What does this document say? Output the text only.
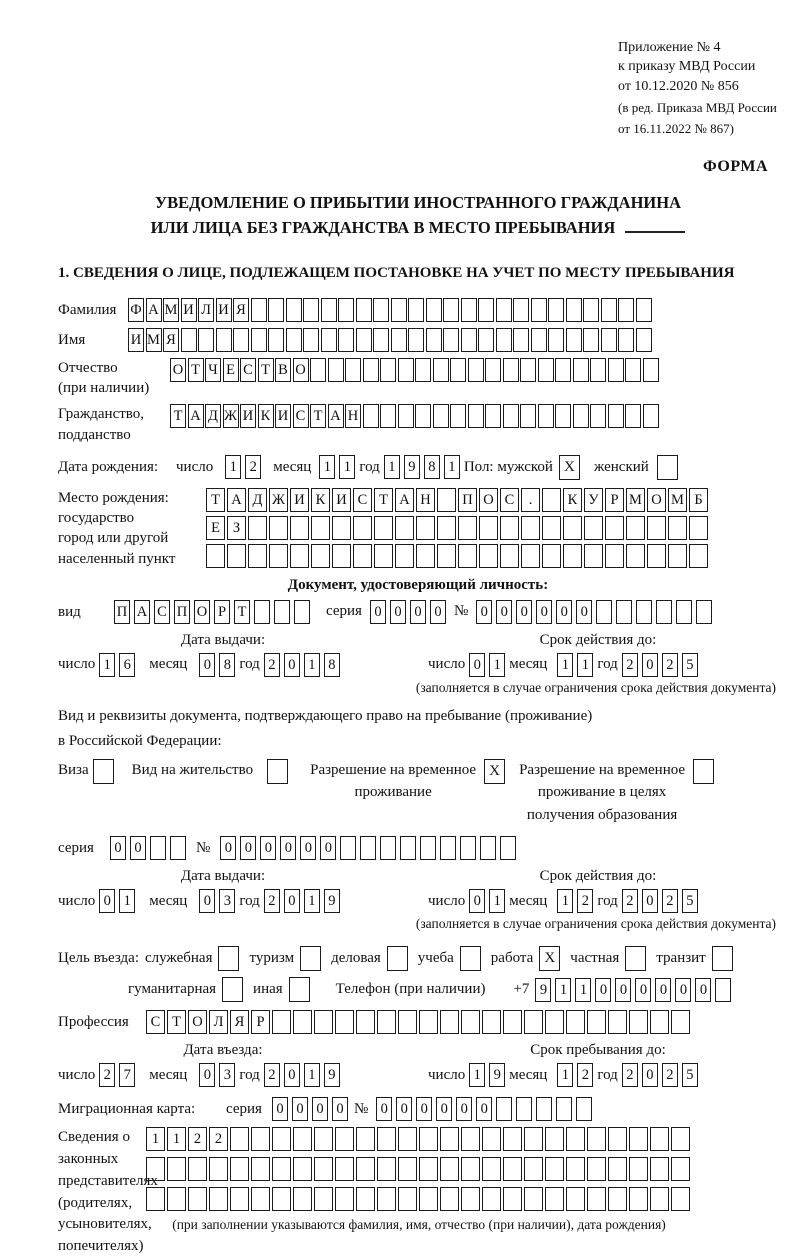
Приложение № 4
к приказу МВД России
от 10.12.2020 № 856
(в ред. Приказа МВД России
от 16.11.2022 № 867)
ФОРМА
УВЕДОМЛЕНИЕ О ПРИБЫТИИ ИНОСТРАННОГО ГРАЖДАНИНА
ИЛИ ЛИЦА БЕЗ ГРАЖДАНСТВА В МЕСТО ПРЕБЫВАНИЯ
1. СВЕДЕНИЯ О ЛИЦЕ, ПОДЛЕЖАЩЕМ ПОСТАНОВКЕ НА УЧЕТ ПО МЕСТУ ПРЕБЫВАНИЯ
Фамилия Ф А М И Л И Я
Имя	И М Я
Отчество
(при наличии)
О Т Ч Е С Т В О
Гражданство,
подданство
Т А Д Ж И К И С Т А Н
Дата рождения:	число	1 2	месяц 1 1 год 1 9 8 1 Пол: мужской X	женский
Место рождения:
государство
город или другой
населенный пункт
Т А Д Ж И К И С Т А Н П О С . К У Р М О М Б
Е З
Документ, удостоверяющий личность:
вид	П А С П О Р Т	серия 0 0 0 0 № 0 0 0 0 0 0
Дата выдачи:
число 1 6	месяц	0 8 год 2 0 1 8
Срок действия до:
число 0 1 месяц 1 1 год 2 0 2 5
(заполняется в случае ограничения срока действия документа)
Вид и реквизиты документа, подтверждающего право на пребывание (проживание)
в Российской Федерации:
Виза	Вид на жительство	Разрешение на временное
проживание
X	Разрешение на временное
проживание в целях
получения образования
серия	0 0	№ 0 0 0 0 0 0
Дата выдачи:
число 0 1	месяц	0 3 год 2 0 1 9
Срок действия до:
число 0 1 месяц 1 2 год 2 0 2 5
(заполняется в случае ограничения срока действия документа)
Цель въезда: служебная туризм деловая учеба работа X	частная транзит
гуманитарная иная	Телефон (при наличии) +7 9 1 1 0 0 0 0 0 0
Профессия	С Т О Л Я Р
Дата въезда:
число 2 7	месяц	0 3 год 2 0 1 9
Срок пребывания до:
число 1 9 месяц 1 2 год 2 0 2 5
Миграционная карта:	серия 0 0 0 0 № 0 0 0 0 0 0
Сведения о
законных
представителях
(родителях,
усыновителях,
попечителях)
1 1 2 2
(при заполнении указываются фамилия, имя, отчество (при наличии), дата рождения)
